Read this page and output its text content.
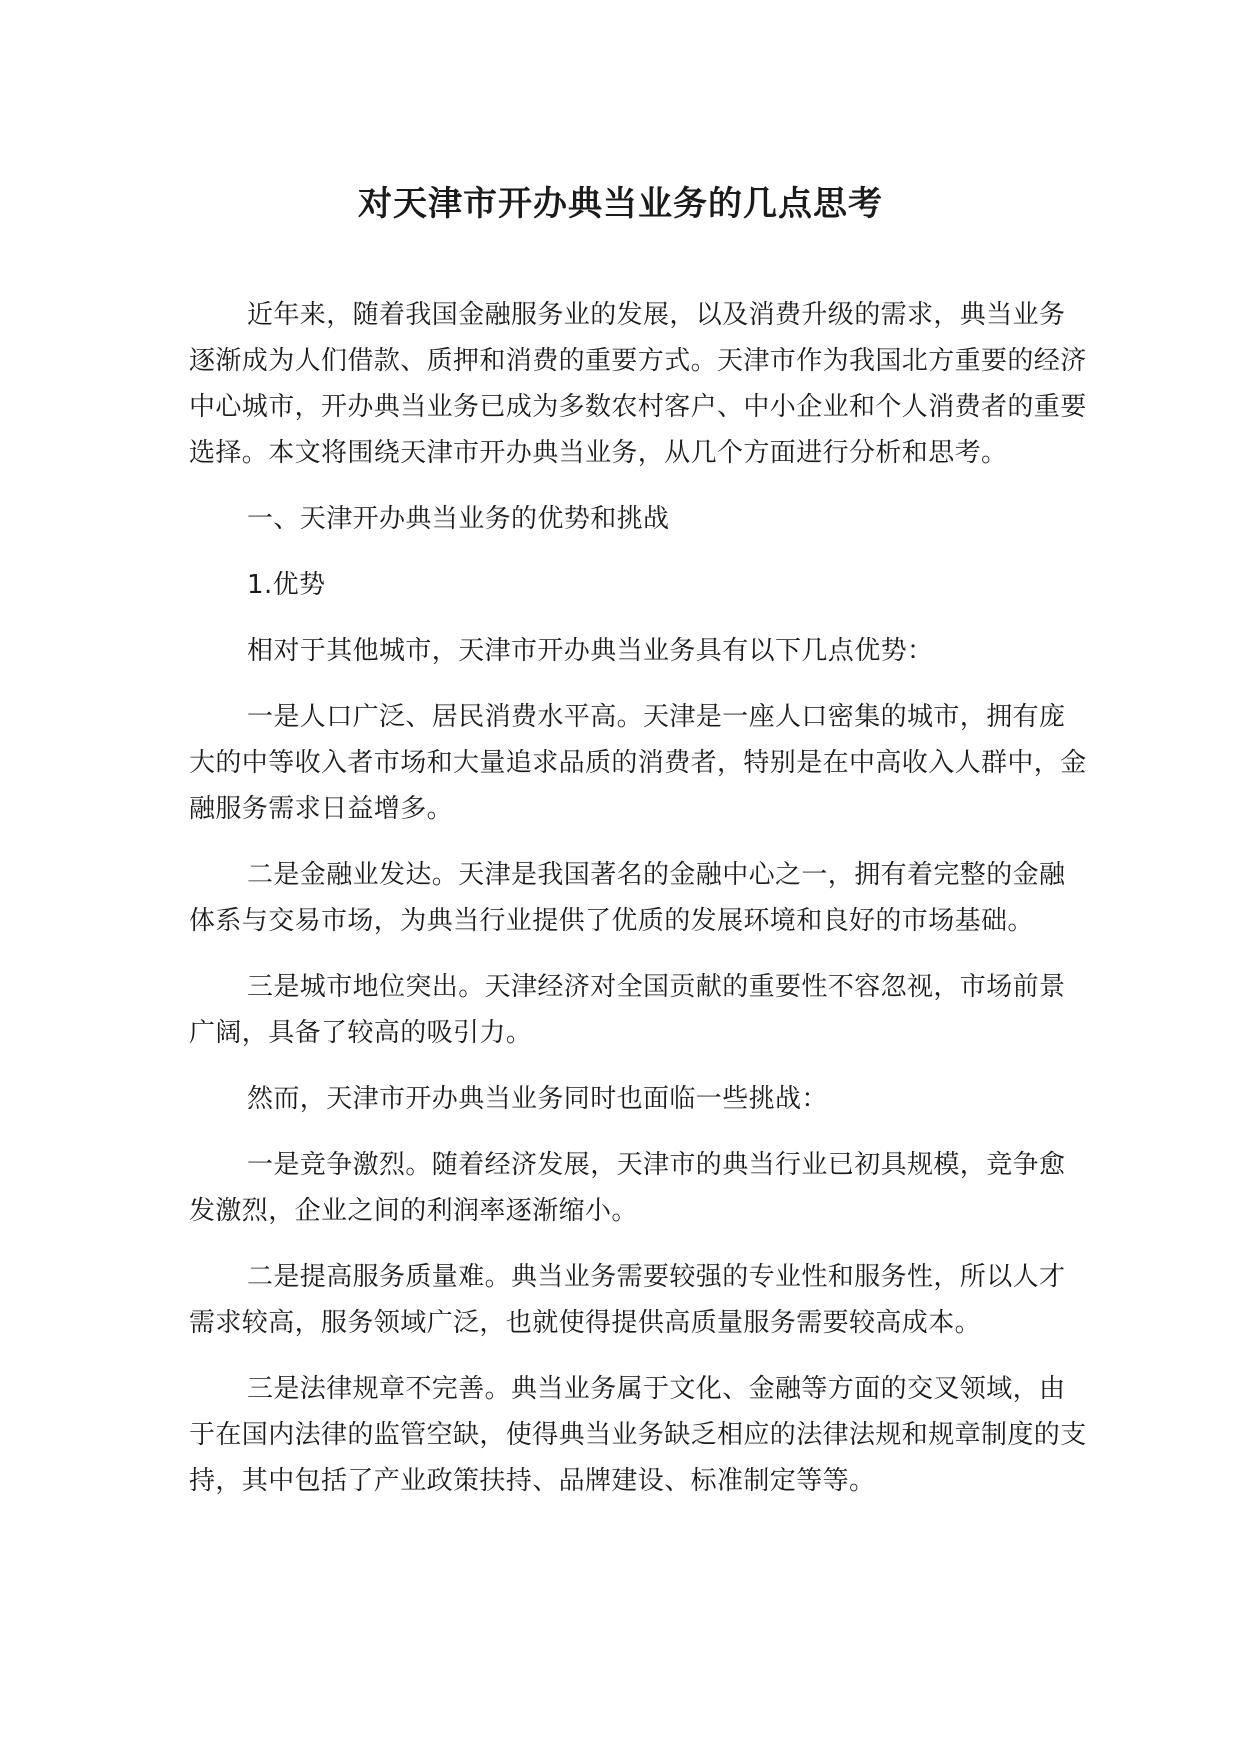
对天津市开办典当业务的几点思考

近年来，随着我国金融服务业的发展，以及消费升级的需求，典当业务逐渐成为人们借款、质押和消费的重要方式。天津市作为我国北方重要的经济中心城市，开办典当业务已成为多数农村客户、中小企业和个人消费者的重要选择。本文将围绕天津市开办典当业务，从几个方面进行分析和思考。

一、天津开办典当业务的优势和挑战

1.优势

相对于其他城市，天津市开办典当业务具有以下几点优势：

一是人口广泛、居民消费水平高。天津是一座人口密集的城市，拥有庞大的中等收入者市场和大量追求品质的消费者，特别是在中高收入人群中，金融服务需求日益增多。

二是金融业发达。天津是我国著名的金融中心之一，拥有着完整的金融体系与交易市场，为典当行业提供了优质的发展环境和良好的市场基础。

三是城市地位突出。天津经济对全国贡献的重要性不容忽视，市场前景广阔，具备了较高的吸引力。

然而，天津市开办典当业务同时也面临一些挑战：

一是竞争激烈。随着经济发展，天津市的典当行业已初具规模，竞争愈发激烈，企业之间的利润率逐渐缩小。

二是提高服务质量难。典当业务需要较强的专业性和服务性，所以人才需求较高，服务领域广泛，也就使得提供高质量服务需要较高成本。

三是法律规章不完善。典当业务属于文化、金融等方面的交叉领域，由于在国内法律的监管空缺，使得典当业务缺乏相应的法律法规和规章制度的支持，其中包括了产业政策扶持、品牌建设、标准制定等等。
